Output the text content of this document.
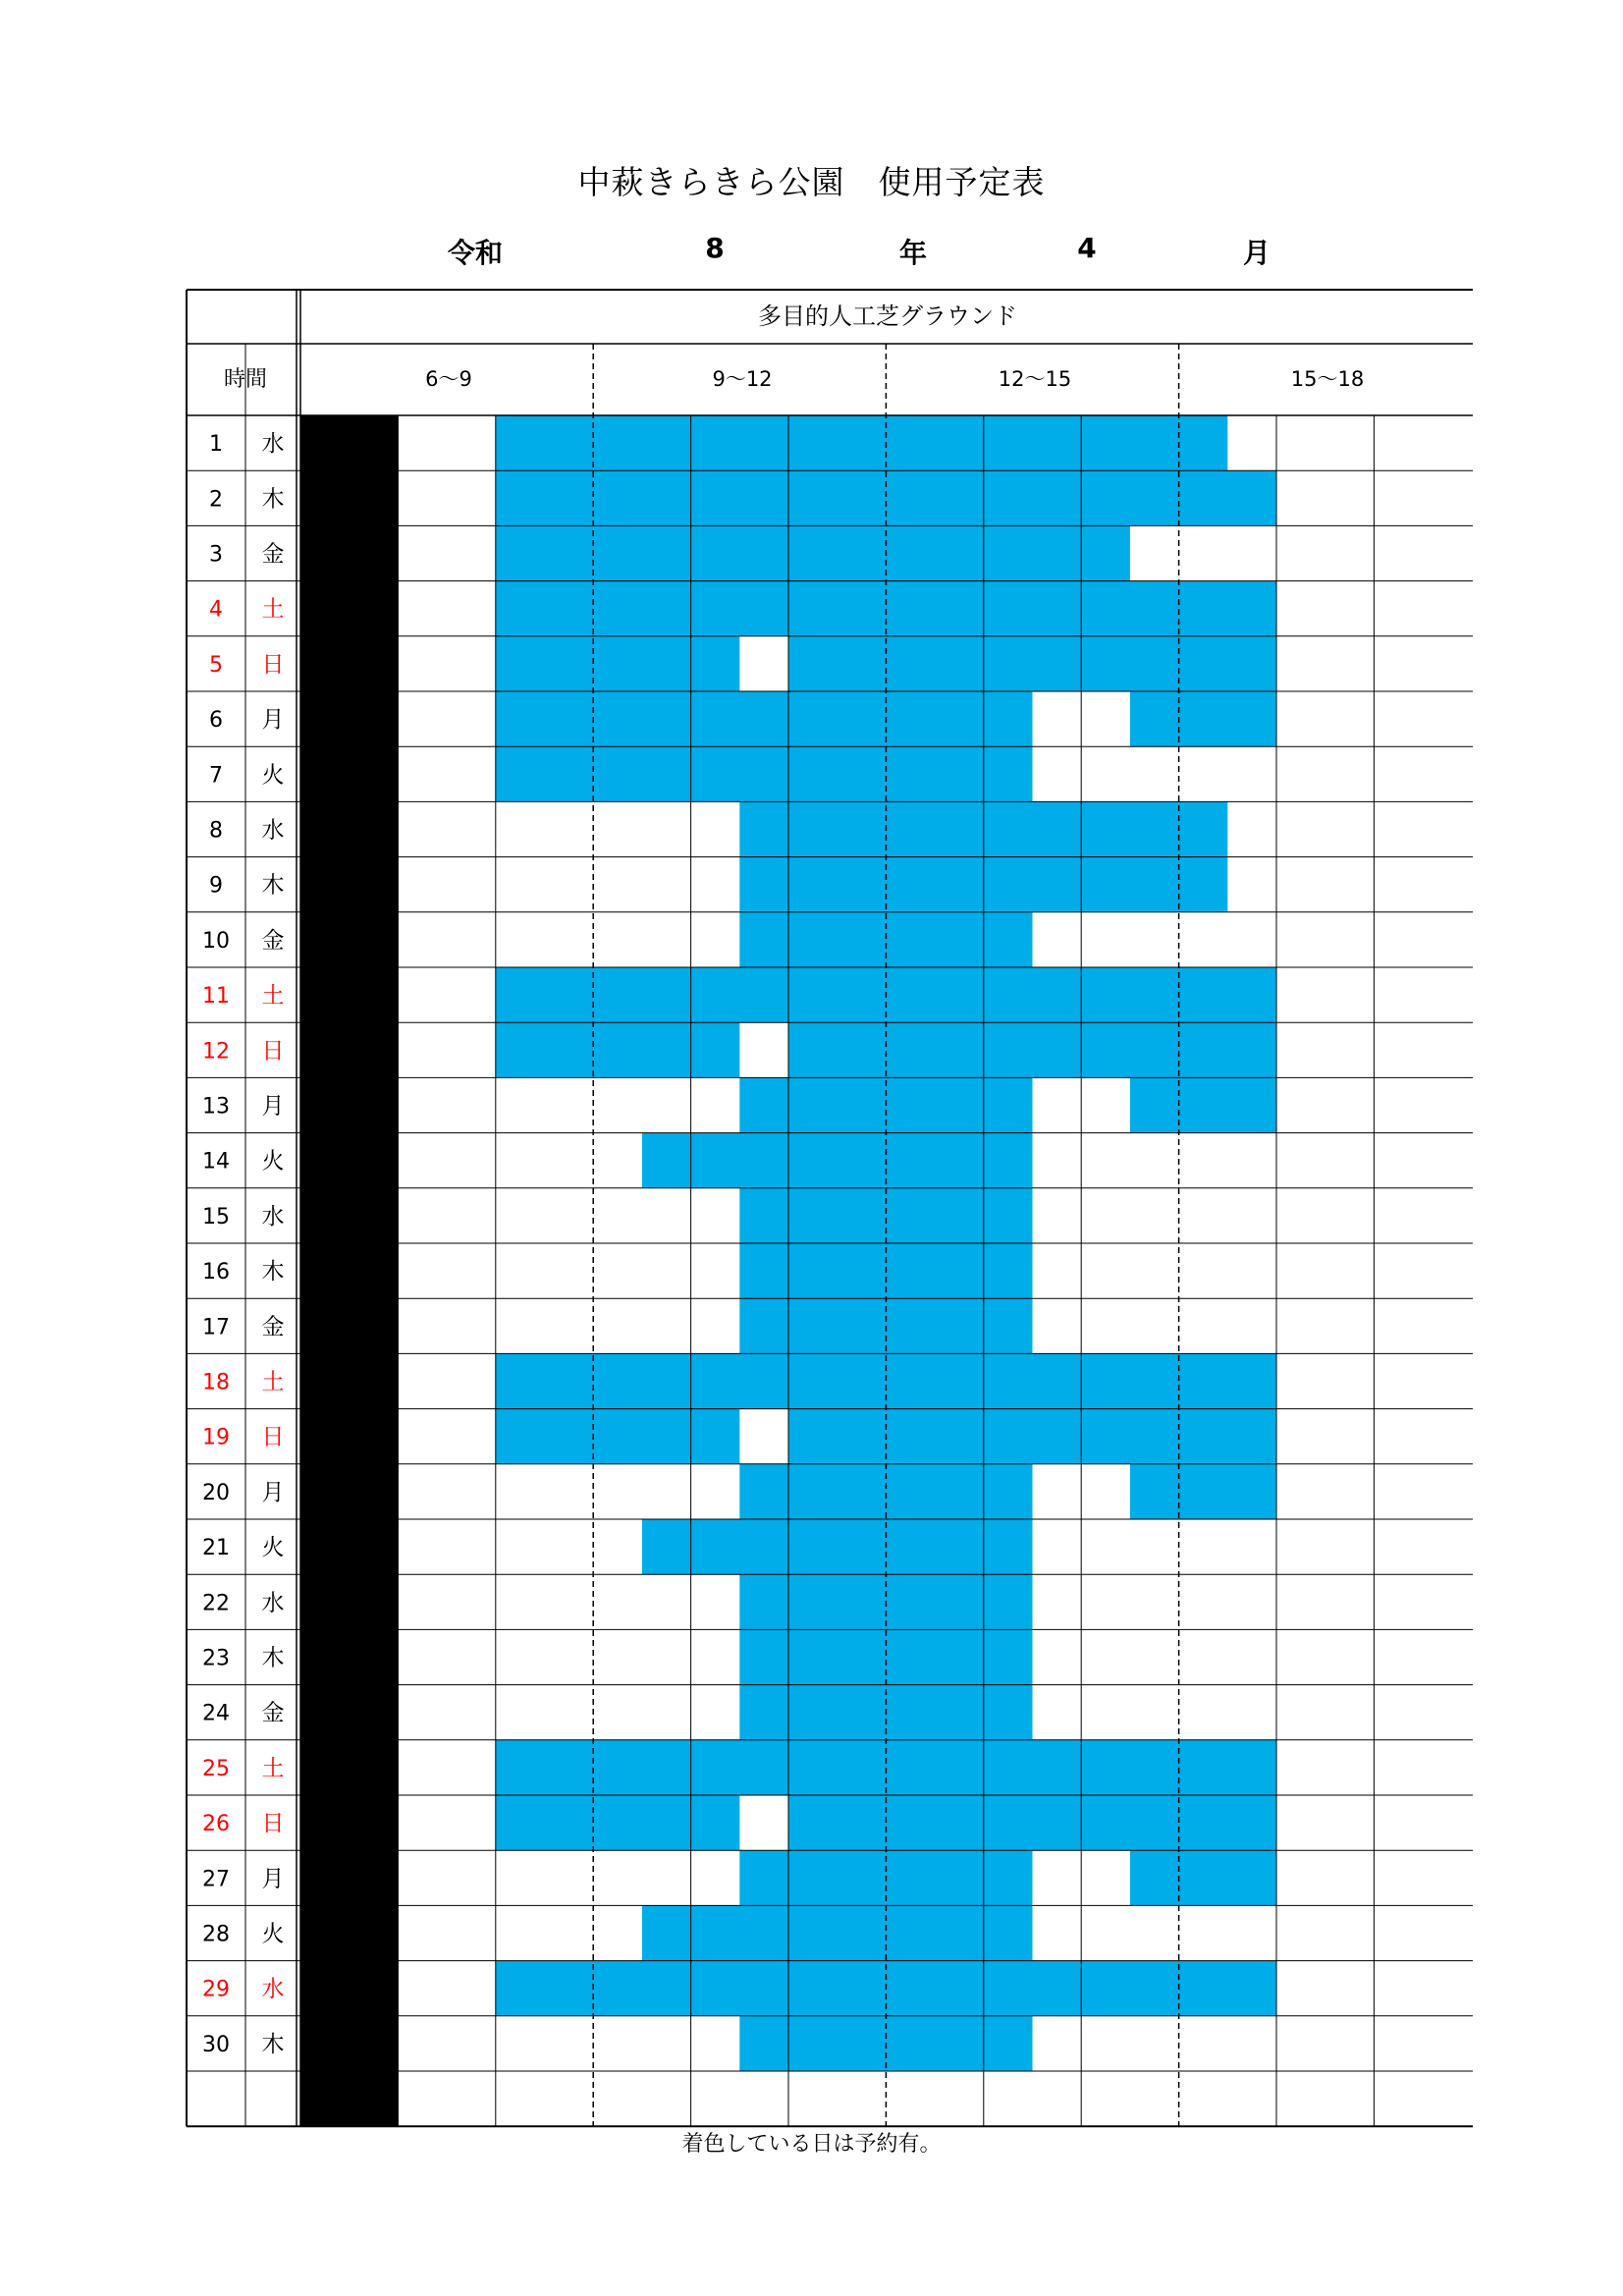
中萩きらきら公園　使用予定表
令和	8	年	4	月
多目的人工芝グラウンド
時間	6～9	9～12	12～15	15～18
1 水
2 木
3 金
4 土
5 日
6 月
7 火
8 水
9 木
10 金
11 土
12 日
13 月
14 火
15 水
16 木
17 金
18 土
19 日
20 月
21 火
22 水
23 木
24 金
25 土
26 日
27 月
28 火
29 水
30 木
着色している日は予約有。
